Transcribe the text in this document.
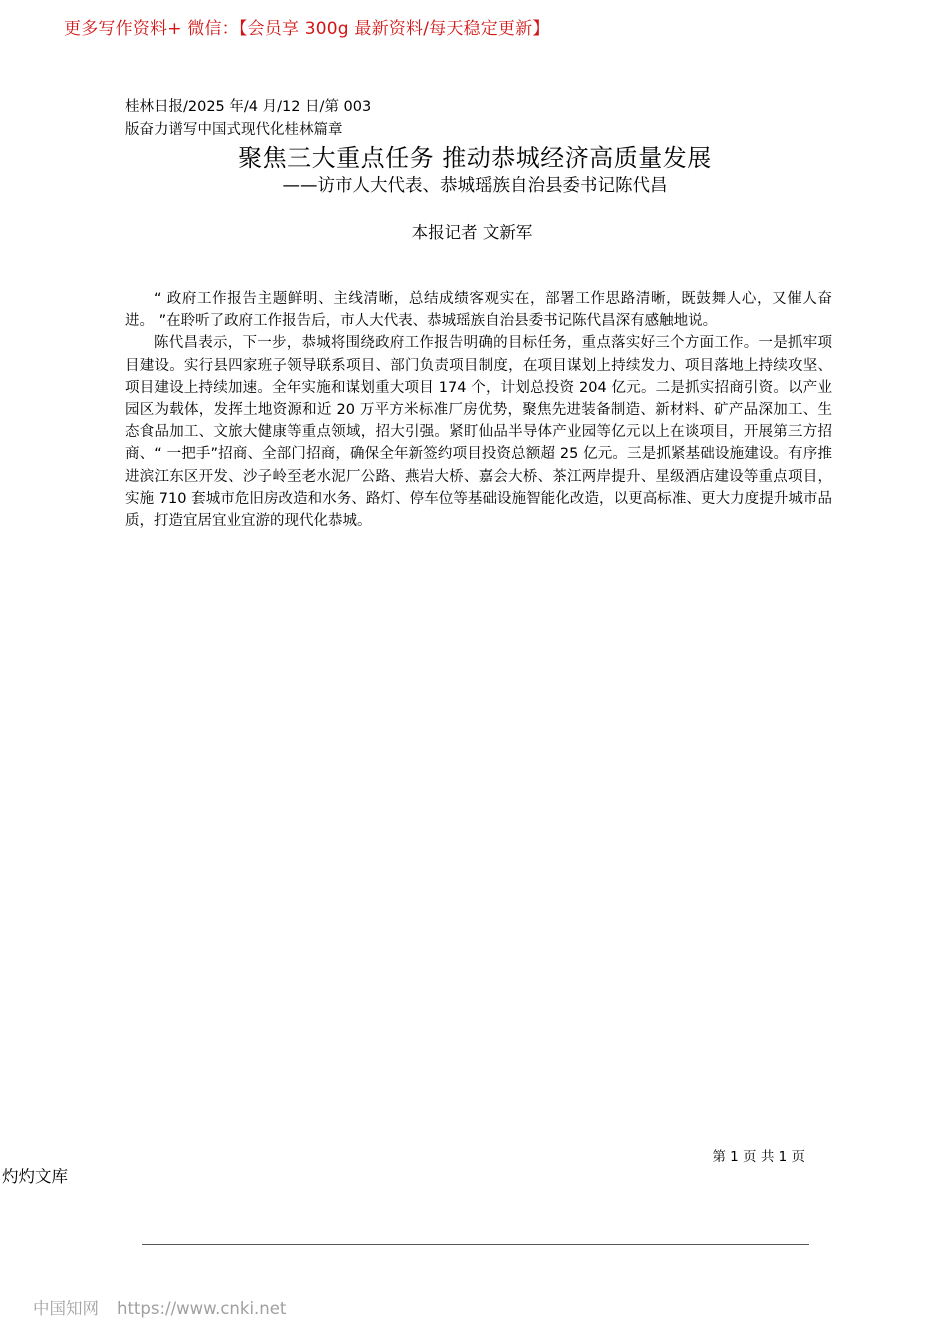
更多写作资料+ 微信：【会员享 300g 最新资料/每天稳定更新】
桂林日报/2025 年/4 月/12 日/第 003
版奋力谱写中国式现代化桂林篇章
聚焦三大重点任务 推动恭城经济高质量发展
——访市人大代表、恭城瑶族自治县委书记陈代昌
本报记者 文新军

“ 政府工作报告主题鲜明、主线清晰，总结成绩客观实在，部署工作思路清晰，既鼓舞人心，又催人奋进。 ”在聆听了政府工作报告后，市人大代表、恭城瑶族自治县委书记陈代昌深有感触地说。

陈代昌表示，下一步，恭城将围绕政府工作报告明确的目标任务，重点落实好三个方面工作。一是抓牢项目建设。实行县四家班子领导联系项目、部门负责项目制度，在项目谋划上持续发力、项目落地上持续攻坚、项目建设上持续加速。全年实施和谋划重大项目 174 个，计划总投资 204 亿元。二是抓实招商引资。以产业园区为载体，发挥土地资源和近 20 万平方米标准厂房优势，聚焦先进装备制造、新材料、矿产品深加工、生态食品加工、文旅大健康等重点领域，招大引强。紧盯仙品半导体产业园等亿元以上在谈项目，开展第三方招商、“ 一把手”招商、全部门招商，确保全年新签约项目投资总额超 25 亿元。三是抓紧基础设施建设。有序推进滨江东区开发、沙子岭至老水泥厂公路、燕岩大桥、嘉会大桥、茶江两岸提升、星级酒店建设等重点项目，实施 710 套城市危旧房改造和水务、路灯、停车位等基础设施智能化改造，以更高标准、更大力度提升城市品质，打造宜居宜业宜游的现代化恭城。

第 1 页 共 1 页
灼灼文库
中国知网 https://www.cnki.net
